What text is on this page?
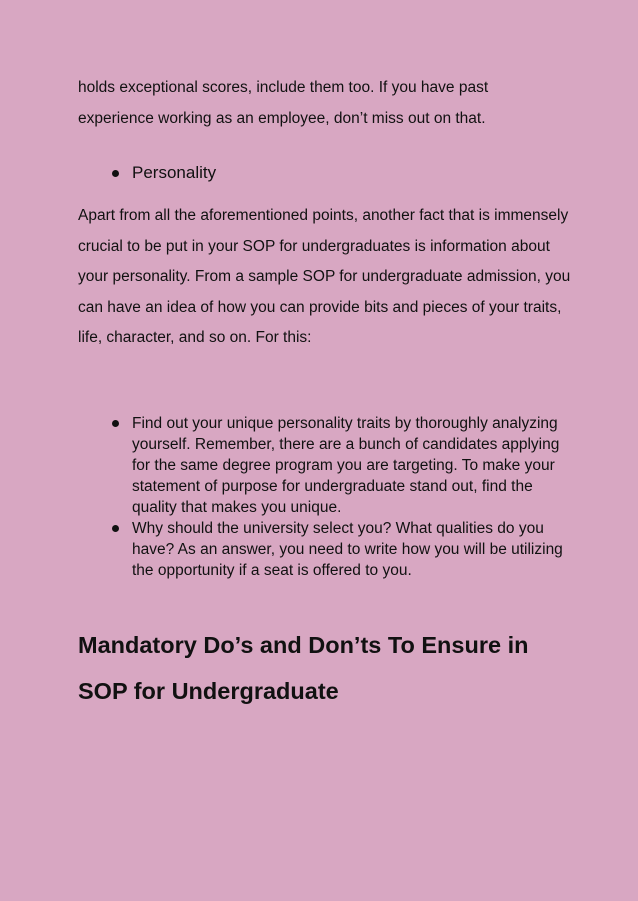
holds exceptional scores, include them too. If you have past experience working as an employee, don’t miss out on that.

Personality

Apart from all the aforementioned points, another fact that is immensely crucial to be put in your SOP for undergraduates is information about your personality. From a sample SOP for undergraduate admission, you can have an idea of how you can provide bits and pieces of your traits, life, character, and so on. For this:

Find out your unique personality traits by thoroughly analyzing yourself. Remember, there are a bunch of candidates applying for the same degree program you are targeting. To make your statement of purpose for undergraduate stand out, find the quality that makes you unique.
Why should the university select you? What qualities do you have? As an answer, you need to write how you will be utilizing the opportunity if a seat is offered to you.
Mandatory Do’s and Don’ts To Ensure in SOP for Undergraduate
